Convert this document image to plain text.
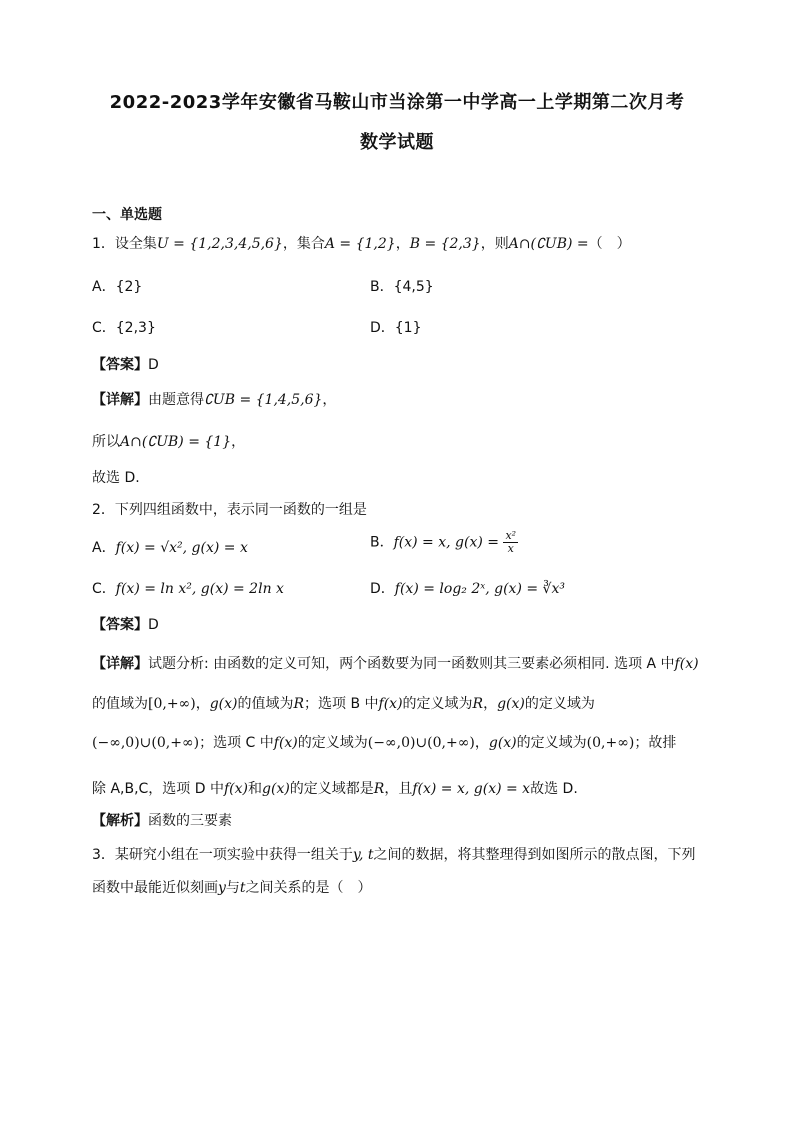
2022-2023学年安徽省马鞍山市当涂第一中学高一上学期第二次月考
数学试题
一、单选题
1．设全集U = {1,2,3,4,5,6}，集合A = {1,2}，B = {2,3}，则A∩(∁UB) =（　）
A．{2}	B．{4,5}
C．{2,3}	D．{1}
【答案】D
【详解】由题意得∁UB = {1,4,5,6}，
所以A∩(∁UB) = {1}，
故选 D.
2．下列四组函数中，表示同一函数的一组是
A．f(x) = √x², g(x) = x	B．f(x) = x, $g(x) = \frac{\text{x²}}{x}$
C．f(x) = ln x², g(x) = 2ln x	D．f(x) = log₂ 2ˣ, g(x) = ∛x³
【答案】D
【详解】试题分析: 由函数的定义可知，两个函数要为同一函数则其三要素必须相同. 选项 A 中f(x)
的值域为[0,+∞)，g(x)的值域为R；选项 B 中f(x)的定义域为R，g(x)的定义域为
(−∞,0)∪(0,+∞)；选项 C 中f(x)的定义域为(−∞,0)∪(0,+∞)，g(x)的定义域为(0,+∞)；故排
除 A,B,C，选项 D 中f(x)和g(x)的定义域都是R，且f(x) = x, g(x) = x故选 D.
【解析】函数的三要素
3．某研究小组在一项实验中获得一组关于y, t之间的数据，将其整理得到如图所示的散点图，下列
函数中最能近似刻画y与t之间关系的是（　）
